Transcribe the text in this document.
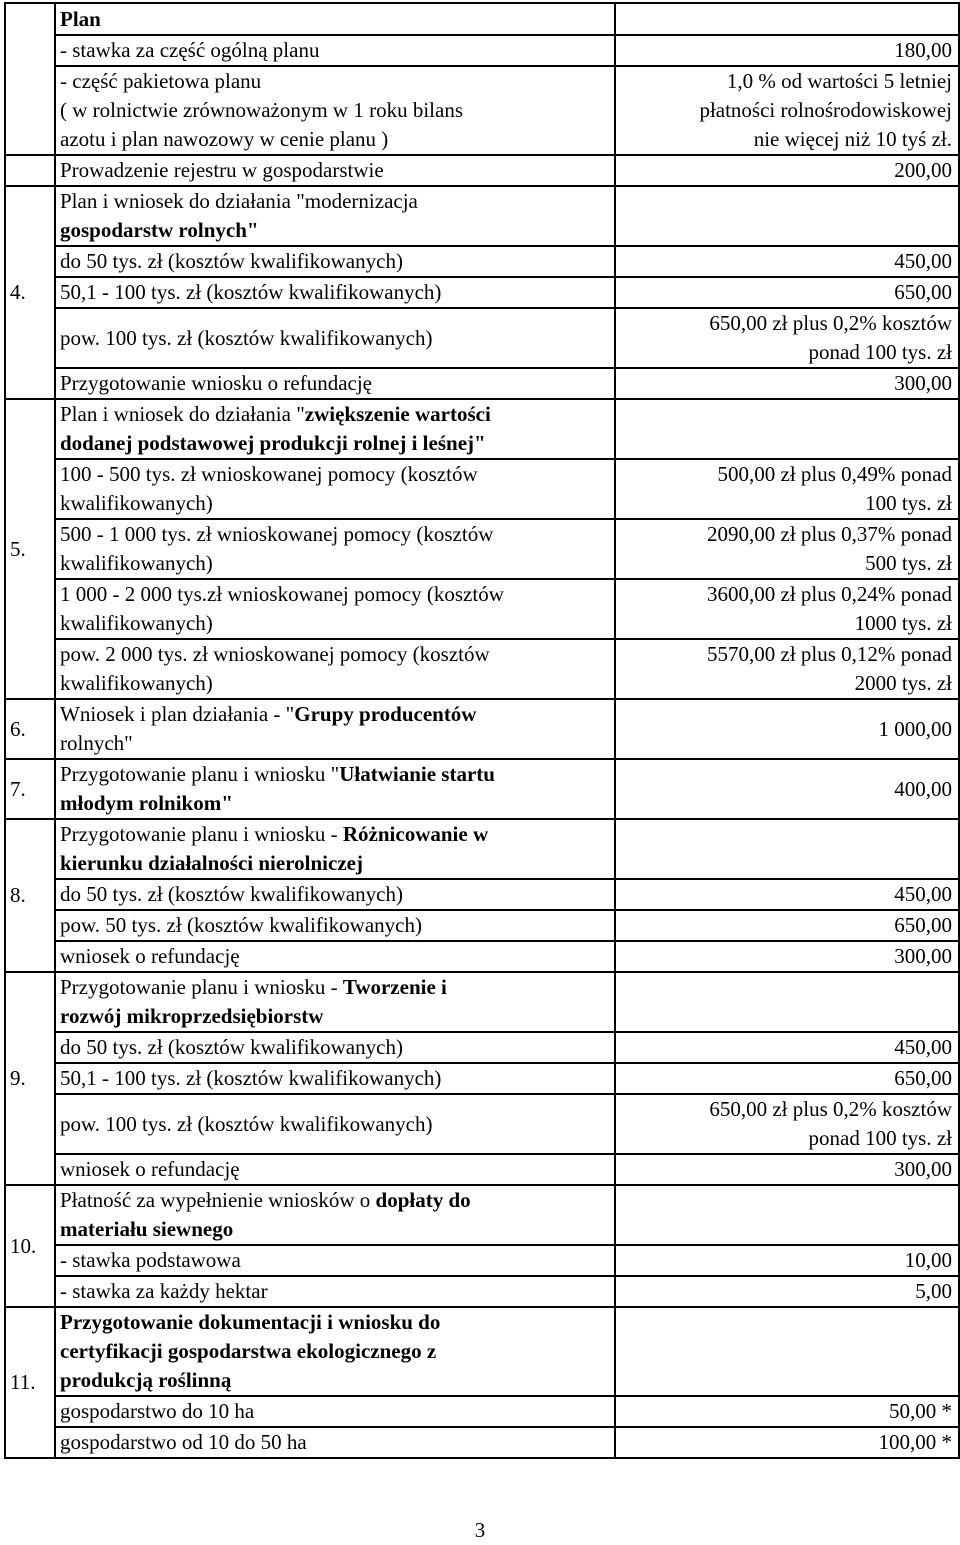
	Plan	
	- stawka za część ogólną planu	180,00
	- część pakietowa planu
( w rolnictwie zrównoważonym w 1 roku bilans
azotu i plan nawozowy w cenie planu )	1,0 % od wartości 5 letniej
płatności rolnośrodowiskowej
nie więcej niż 10 tyś zł.
	Prowadzenie rejestru w gospodarstwie	200,00
4.	Plan i wniosek do działania "modernizacja
gospodarstw rolnych"	
	do 50 tys. zł (kosztów kwalifikowanych)	450,00
	50,1 - 100 tys. zł (kosztów kwalifikowanych)	650,00
	pow. 100 tys. zł (kosztów kwalifikowanych)	650,00 zł plus 0,2% kosztów
ponad 100 tys. zł
	Przygotowanie wniosku o refundację	300,00
5.	Plan i wniosek do działania "zwiększenie wartości
dodanej podstawowej produkcji rolnej i leśnej"	
	100 - 500 tys. zł wnioskowanej pomocy (kosztów
kwalifikowanych)	500,00 zł plus 0,49% ponad
100 tys. zł
	500 - 1 000 tys. zł wnioskowanej pomocy (kosztów
kwalifikowanych)	2090,00 zł plus 0,37% ponad
500 tys. zł
	1 000 - 2 000 tys.zł wnioskowanej pomocy (kosztów
kwalifikowanych)	3600,00 zł plus 0,24% ponad
1000 tys. zł
	pow. 2 000 tys. zł wnioskowanej pomocy (kosztów
kwalifikowanych)	5570,00 zł plus 0,12% ponad
2000 tys. zł
6.	Wniosek i plan działania - "Grupy producentów
rolnych"	1 000,00
7.	Przygotowanie planu i wniosku "Ułatwianie startu
młodym rolnikom"	400,00
8.	Przygotowanie planu i wniosku - Różnicowanie w
kierunku działalności nierolniczej	
	do 50 tys. zł (kosztów kwalifikowanych)	450,00
	pow. 50 tys. zł (kosztów kwalifikowanych)	650,00
	wniosek o refundację	300,00
9.	Przygotowanie planu i wniosku - Tworzenie i
rozwój mikroprzedsiębiorstw	
	do 50 tys. zł (kosztów kwalifikowanych)	450,00
	50,1 - 100 tys. zł (kosztów kwalifikowanych)	650,00
	pow. 100 tys. zł (kosztów kwalifikowanych)	650,00 zł plus 0,2% kosztów
ponad 100 tys. zł
	wniosek o refundację	300,00
10.	Płatność za wypełnienie wniosków o dopłaty do
materiału siewnego	
	- stawka podstawowa	10,00
	- stawka za każdy hektar	5,00
11.	Przygotowanie dokumentacji i wniosku do
certyfikacji gospodarstwa ekologicznego z
produkcją roślinną	
	gospodarstwo do 10 ha	50,00 *
	gospodarstwo od 10 do 50 ha	100,00 *
3
